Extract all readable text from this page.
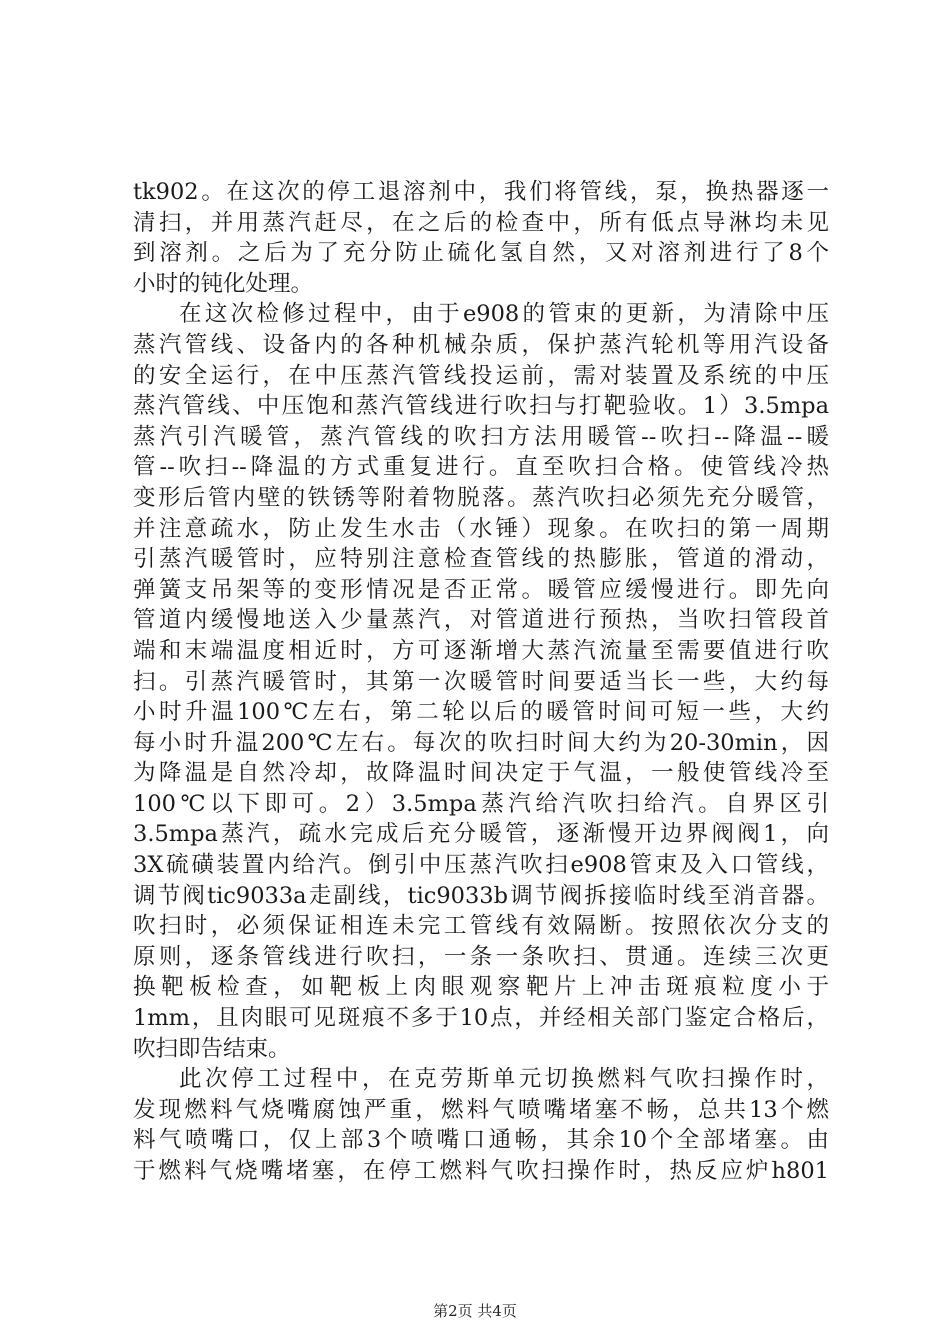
tk902。在这次的停工退溶剂中，我们将管线，泵，换热器逐一
清扫，并用蒸汽赶尽，在之后的检查中，所有低点导淋均未见
到溶剂。之后为了充分防止硫化氢自然，又对溶剂进行了8个
小时的钝化处理。
在这次检修过程中，由于e908的管束的更新，为清除中压
蒸汽管线、设备内的各种机械杂质，保护蒸汽轮机等用汽设备
的安全运行，在中压蒸汽管线投运前，需对装置及系统的中压
蒸汽管线、中压饱和蒸汽管线进行吹扫与打靶验收。1）3.5mpa
蒸汽引汽暖管，蒸汽管线的吹扫方法用暖管--吹扫--降温--暖
管--吹扫--降温的方式重复进行。直至吹扫合格。使管线冷热
变形后管内壁的铁锈等附着物脱落。蒸汽吹扫必须先充分暖管，
并注意疏水，防止发生水击（水锤）现象。在吹扫的第一周期
引蒸汽暖管时，应特别注意检查管线的热膨胀，管道的滑动，
弹簧支吊架等的变形情况是否正常。暖管应缓慢进行。即先向
管道内缓慢地送入少量蒸汽，对管道进行预热，当吹扫管段首
端和末端温度相近时，方可逐渐增大蒸汽流量至需要值进行吹
扫。引蒸汽暖管时，其第一次暖管时间要适当长一些，大约每
小时升温100℃左右，第二轮以后的暖管时间可短一些，大约
每小时升温200℃左右。每次的吹扫时间大约为20-30min，因
为降温是自然冷却，故降温时间决定于气温，一般使管线冷至
100℃以下即可。2）3.5mpa蒸汽给汽吹扫给汽。自界区引
3.5mpa蒸汽，疏水完成后充分暖管，逐渐慢开边界阀阀1，向
3X硫磺装置内给汽。倒引中压蒸汽吹扫e908管束及入口管线，
调节阀tic9033a走副线，tic9033b调节阀拆接临时线至消音器。
吹扫时，必须保证相连未完工管线有效隔断。按照依次分支的
原则，逐条管线进行吹扫，一条一条吹扫、贯通。连续三次更
换靶板检查，如靶板上肉眼观察靶片上冲击斑痕粒度小于
1mm，且肉眼可见斑痕不多于10点，并经相关部门鉴定合格后，
吹扫即告结束。
此次停工过程中，在克劳斯单元切换燃料气吹扫操作时，
发现燃料气烧嘴腐蚀严重，燃料气喷嘴堵塞不畅，总共13个燃
料气喷嘴口，仅上部3个喷嘴口通畅，其余10个全部堵塞。由
于燃料气烧嘴堵塞，在停工燃料气吹扫操作时，热反应炉h801
第2页 共4页
